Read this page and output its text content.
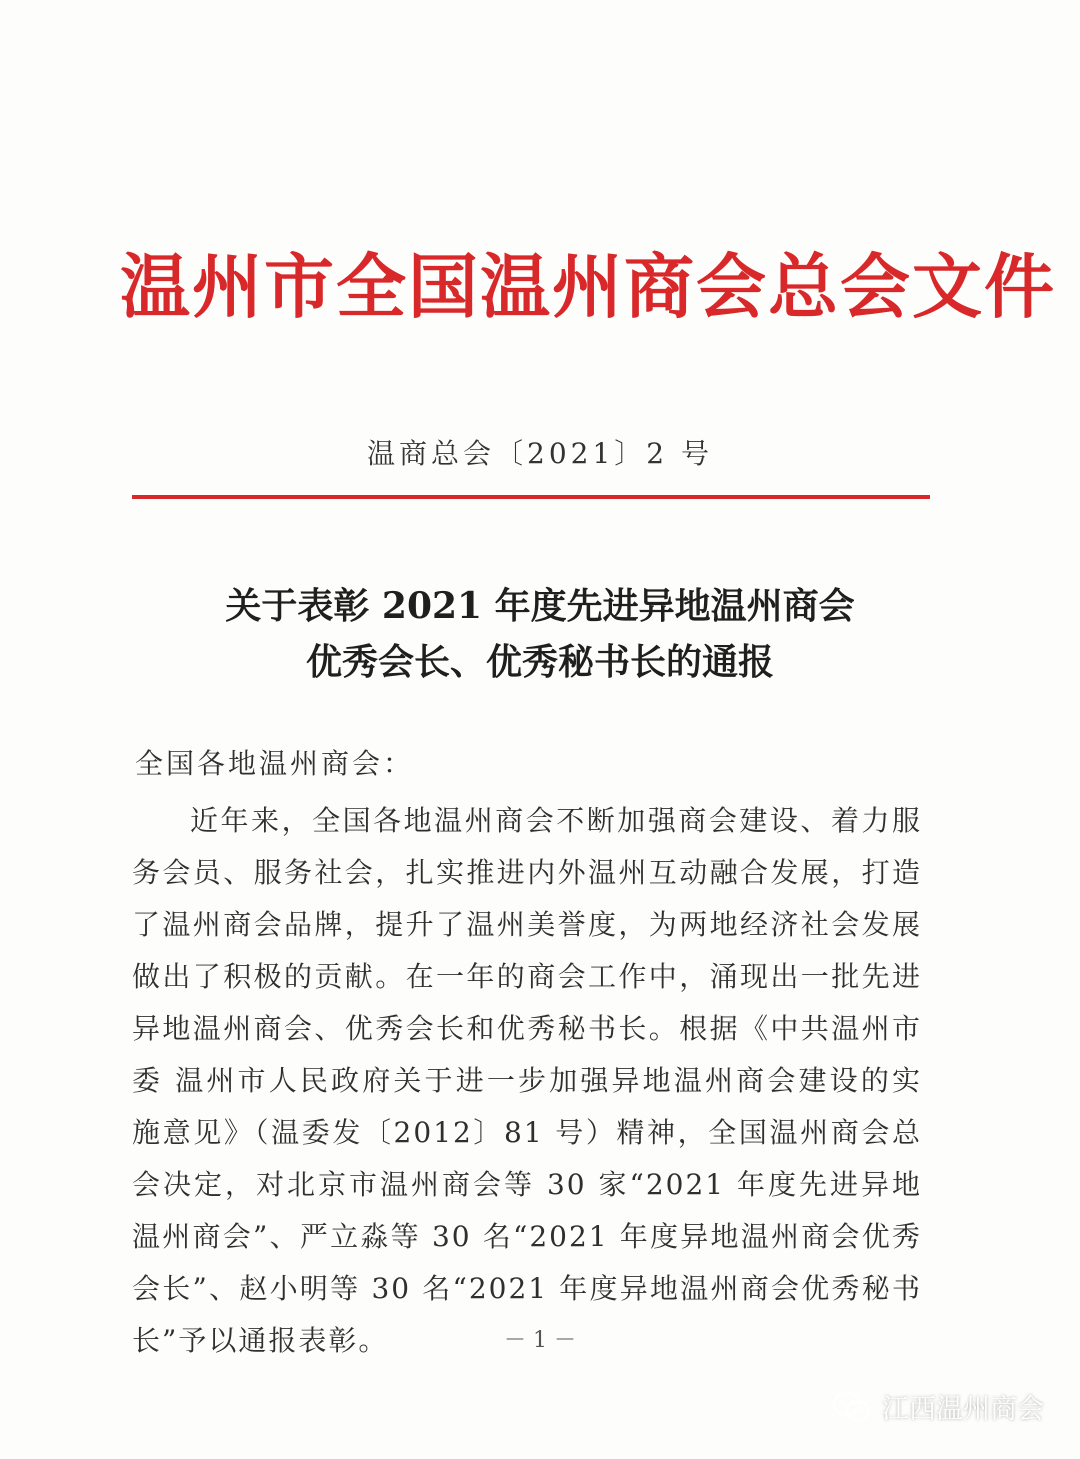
温州市全国温州商会总会文件
温商总会〔2021〕2 号
关于表彰 2021 年度先进异地温州商会
优秀会长、优秀秘书长的通报
全国各地温州商会：
近年来，全国各地温州商会不断加强商会建设、着力服务会员、服务社会，扎实推进内外温州互动融合发展，打造了温州商会品牌，提升了温州美誉度，为两地经济社会发展做出了积极的贡献。在一年的商会工作中，涌现出一批先进异地温州商会、优秀会长和优秀秘书长。根据《中共温州市委 温州市人民政府关于进一步加强异地温州商会建设的实施意见》（温委发〔2012〕81 号）精神，全国温州商会总会决定，对北京市温州商会等 30 家“2021 年度先进异地温州商会”、严立淼等 30 名“2021 年度异地温州商会优秀会长”、赵小明等 30 名“2021 年度异地温州商会优秀秘书长”予以通报表彰。	－ 1 －
江西温州商会
